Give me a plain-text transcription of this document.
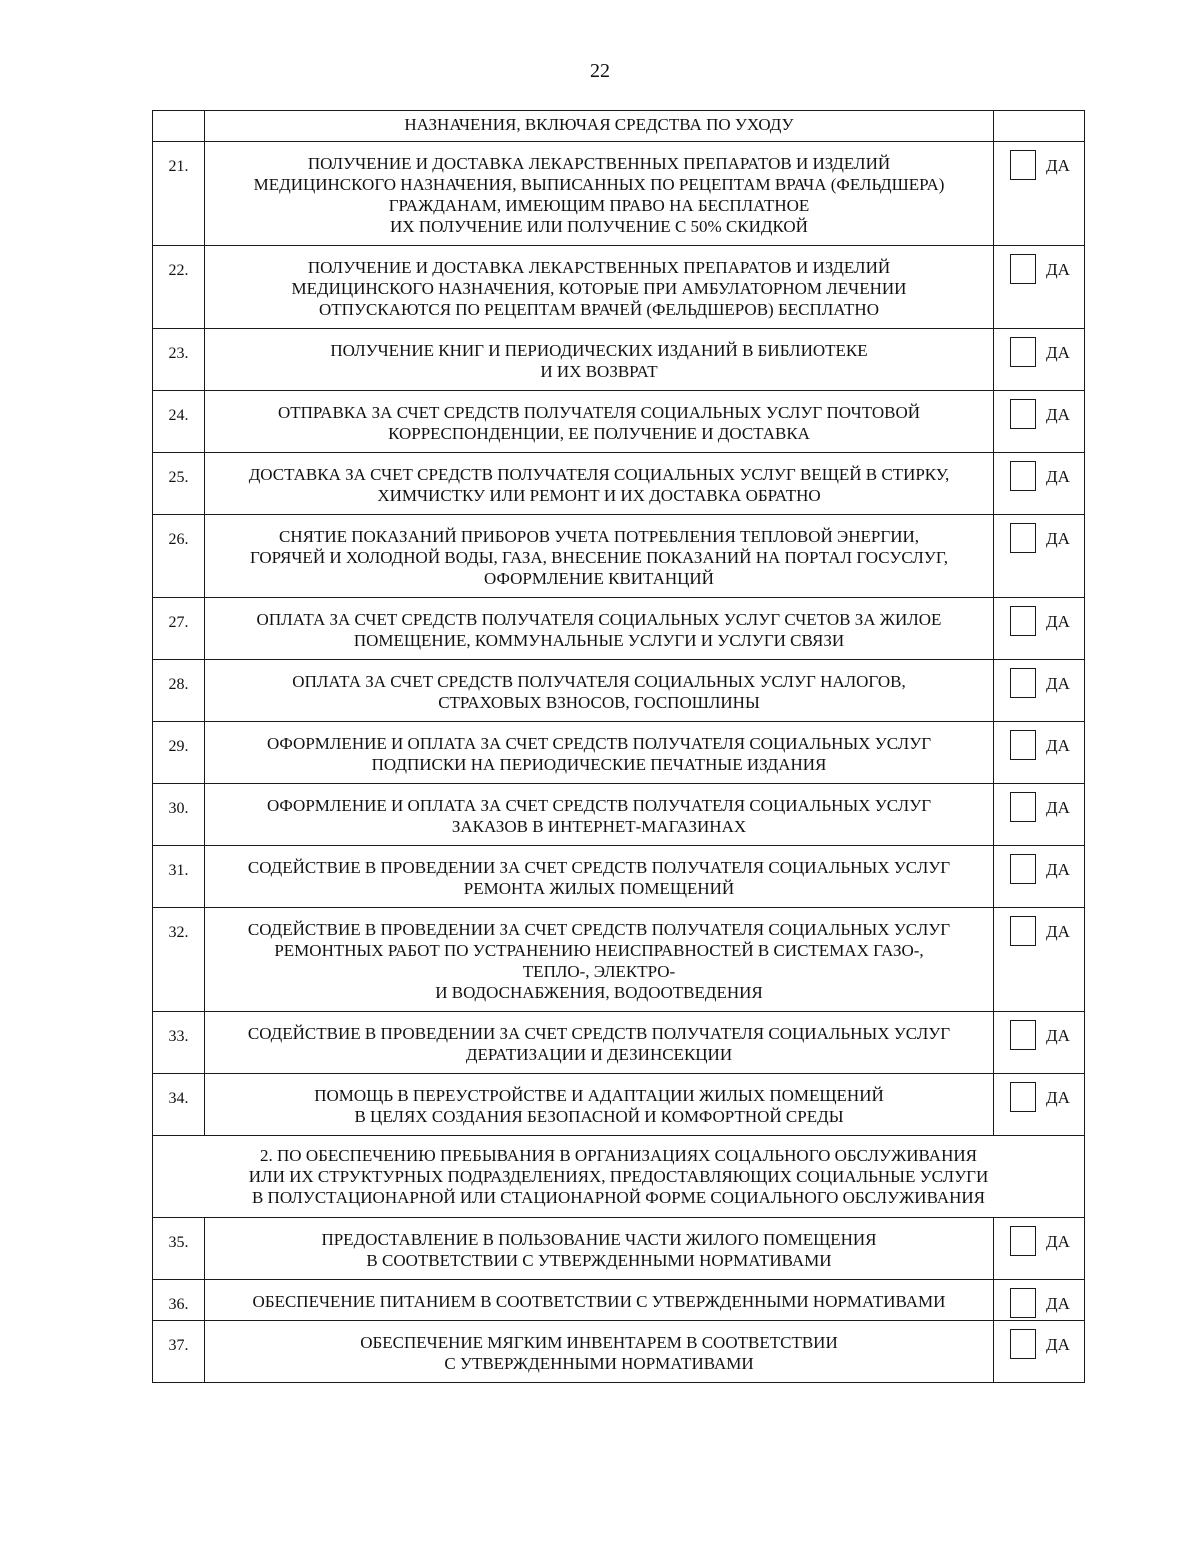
22
	НАЗНАЧЕНИЯ, ВКЛЮЧАЯ СРЕДСТВА ПО УХОДУ	
21.	ПОЛУЧЕНИЕ И ДОСТАВКА ЛЕКАРСТВЕННЫХ ПРЕПАРАТОВ И ИЗДЕЛИЙ
МЕДИЦИНСКОГО НАЗНАЧЕНИЯ, ВЫПИСАННЫХ ПО РЕЦЕПТАМ ВРАЧА (ФЕЛЬДШЕРА)
ГРАЖДАНАМ, ИМЕЮЩИМ ПРАВО НА БЕСПЛАТНОЕ
ИХ ПОЛУЧЕНИЕ ИЛИ ПОЛУЧЕНИЕ С 50% СКИДКОЙ	ДА

22.	ПОЛУЧЕНИЕ И ДОСТАВКА ЛЕКАРСТВЕННЫХ ПРЕПАРАТОВ И ИЗДЕЛИЙ
МЕДИЦИНСКОГО НАЗНАЧЕНИЯ, КОТОРЫЕ ПРИ АМБУЛАТОРНОМ ЛЕЧЕНИИ
ОТПУСКАЮТСЯ ПО РЕЦЕПТАМ ВРАЧЕЙ (ФЕЛЬДШЕРОВ) БЕСПЛАТНО	ДА

23.	ПОЛУЧЕНИЕ КНИГ И ПЕРИОДИЧЕСКИХ ИЗДАНИЙ В БИБЛИОТЕКЕ
И ИХ ВОЗВРАТ	ДА

24.	ОТПРАВКА ЗА СЧЕТ СРЕДСТВ ПОЛУЧАТЕЛЯ СОЦИАЛЬНЫХ УСЛУГ ПОЧТОВОЙ
КОРРЕСПОНДЕНЦИИ, ЕЕ ПОЛУЧЕНИЕ И ДОСТАВКА	ДА

25.	ДОСТАВКА ЗА СЧЕТ СРЕДСТВ ПОЛУЧАТЕЛЯ СОЦИАЛЬНЫХ УСЛУГ ВЕЩЕЙ В СТИРКУ,
ХИМЧИСТКУ ИЛИ РЕМОНТ И ИХ ДОСТАВКА ОБРАТНО	ДА

26.	СНЯТИЕ ПОКАЗАНИЙ ПРИБОРОВ УЧЕТА ПОТРЕБЛЕНИЯ ТЕПЛОВОЙ ЭНЕРГИИ,
ГОРЯЧЕЙ И ХОЛОДНОЙ ВОДЫ, ГАЗА, ВНЕСЕНИЕ ПОКАЗАНИЙ НА ПОРТАЛ ГОСУСЛУГ,
ОФОРМЛЕНИЕ КВИТАНЦИЙ	ДА

27.	ОПЛАТА ЗА СЧЕТ СРЕДСТВ ПОЛУЧАТЕЛЯ СОЦИАЛЬНЫХ УСЛУГ СЧЕТОВ ЗА ЖИЛОЕ
ПОМЕЩЕНИЕ, КОММУНАЛЬНЫЕ УСЛУГИ И УСЛУГИ СВЯЗИ	ДА

28.	ОПЛАТА ЗА СЧЕТ СРЕДСТВ ПОЛУЧАТЕЛЯ СОЦИАЛЬНЫХ УСЛУГ НАЛОГОВ,
СТРАХОВЫХ ВЗНОСОВ, ГОСПОШЛИНЫ	ДА

29.	ОФОРМЛЕНИЕ И ОПЛАТА ЗА СЧЕТ СРЕДСТВ ПОЛУЧАТЕЛЯ СОЦИАЛЬНЫХ УСЛУГ
ПОДПИСКИ НА ПЕРИОДИЧЕСКИЕ ПЕЧАТНЫЕ ИЗДАНИЯ	ДА

30.	ОФОРМЛЕНИЕ И ОПЛАТА ЗА СЧЕТ СРЕДСТВ ПОЛУЧАТЕЛЯ СОЦИАЛЬНЫХ УСЛУГ
ЗАКАЗОВ В ИНТЕРНЕТ-МАГАЗИНАХ	ДА

31.	СОДЕЙСТВИЕ В ПРОВЕДЕНИИ ЗА СЧЕТ СРЕДСТВ ПОЛУЧАТЕЛЯ СОЦИАЛЬНЫХ УСЛУГ
РЕМОНТА ЖИЛЫХ ПОМЕЩЕНИЙ	ДА

32.	СОДЕЙСТВИЕ В ПРОВЕДЕНИИ ЗА СЧЕТ СРЕДСТВ ПОЛУЧАТЕЛЯ СОЦИАЛЬНЫХ УСЛУГ
РЕМОНТНЫХ РАБОТ ПО УСТРАНЕНИЮ НЕИСПРАВНОСТЕЙ В СИСТЕМАХ ГАЗО-,
ТЕПЛО-, ЭЛЕКТРО-
И ВОДОСНАБЖЕНИЯ, ВОДООТВЕДЕНИЯ	ДА

33.	СОДЕЙСТВИЕ В ПРОВЕДЕНИИ ЗА СЧЕТ СРЕДСТВ ПОЛУЧАТЕЛЯ СОЦИАЛЬНЫХ УСЛУГ
ДЕРАТИЗАЦИИ И ДЕЗИНСЕКЦИИ	ДА

34.	ПОМОЩЬ В ПЕРЕУСТРОЙСТВЕ И АДАПТАЦИИ ЖИЛЫХ ПОМЕЩЕНИЙ
В ЦЕЛЯХ СОЗДАНИЯ БЕЗОПАСНОЙ И КОМФОРТНОЙ СРЕДЫ	ДА

2. ПО ОБЕСПЕЧЕНИЮ ПРЕБЫВАНИЯ В ОРГАНИЗАЦИЯХ СОЦАЛЬНОГО ОБСЛУЖИВАНИЯ
ИЛИ ИХ СТРУКТУРНЫХ ПОДРАЗДЕЛЕНИЯХ, ПРЕДОСТАВЛЯЮЩИХ СОЦИАЛЬНЫЕ УСЛУГИ
В ПОЛУСТАЦИОНАРНОЙ ИЛИ СТАЦИОНАРНОЙ ФОРМЕ СОЦИАЛЬНОГО ОБСЛУЖИВАНИЯ		
35.	ПРЕДОСТАВЛЕНИЕ В ПОЛЬЗОВАНИЕ ЧАСТИ ЖИЛОГО ПОМЕЩЕНИЯ
В СООТВЕТСТВИИ С УТВЕРЖДЕННЫМИ НОРМАТИВАМИ	ДА

36.	ОБЕСПЕЧЕНИЕ ПИТАНИЕМ В СООТВЕТСТВИИ С УТВЕРЖДЕННЫМИ НОРМАТИВАМИ	ДА

37.	ОБЕСПЕЧЕНИЕ МЯГКИМ ИНВЕНТАРЕМ В СООТВЕТСТВИИ
С УТВЕРЖДЕННЫМИ НОРМАТИВАМИ	ДА
